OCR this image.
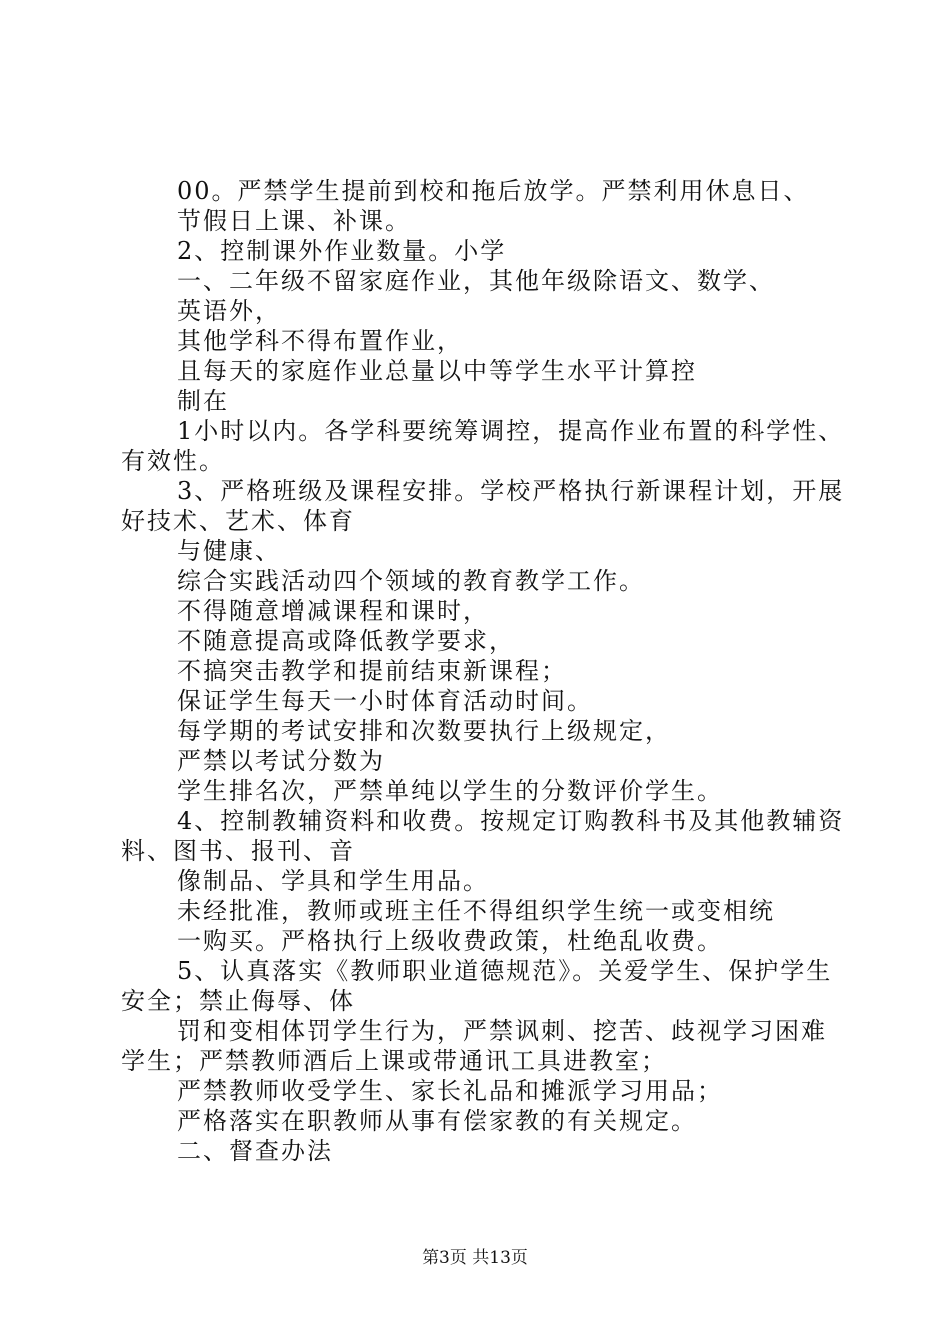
00。严禁学生提前到校和拖后放学。严禁利用休息日、
节假日上课、补课。
2、控制课外作业数量。小学
一、二年级不留家庭作业，其他年级除语文、数学、
英语外，
其他学科不得布置作业，
且每天的家庭作业总量以中等学生水平计算控
制在
1小时以内。各学科要统筹调控，提高作业布置的科学性、
有效性。
3、严格班级及课程安排。学校严格执行新课程计划，开展
好技术、艺术、体育
与健康、
综合实践活动四个领域的教育教学工作。
不得随意增减课程和课时，
不随意提高或降低教学要求，
不搞突击教学和提前结束新课程；
保证学生每天一小时体育活动时间。
每学期的考试安排和次数要执行上级规定，
严禁以考试分数为
学生排名次，严禁单纯以学生的分数评价学生。
4、控制教辅资料和收费。按规定订购教科书及其他教辅资
料、图书、报刊、音
像制品、学具和学生用品。
未经批准，教师或班主任不得组织学生统一或变相统
一购买。严格执行上级收费政策，杜绝乱收费。
5、认真落实《教师职业道德规范》。关爱学生、保护学生
安全；禁止侮辱、体
罚和变相体罚学生行为，严禁讽刺、挖苦、歧视学习困难
学生；严禁教师酒后上课或带通讯工具进教室；
严禁教师收受学生、家长礼品和摊派学习用品；
严格落实在职教师从事有偿家教的有关规定。
二、督查办法
第3页 共13页
